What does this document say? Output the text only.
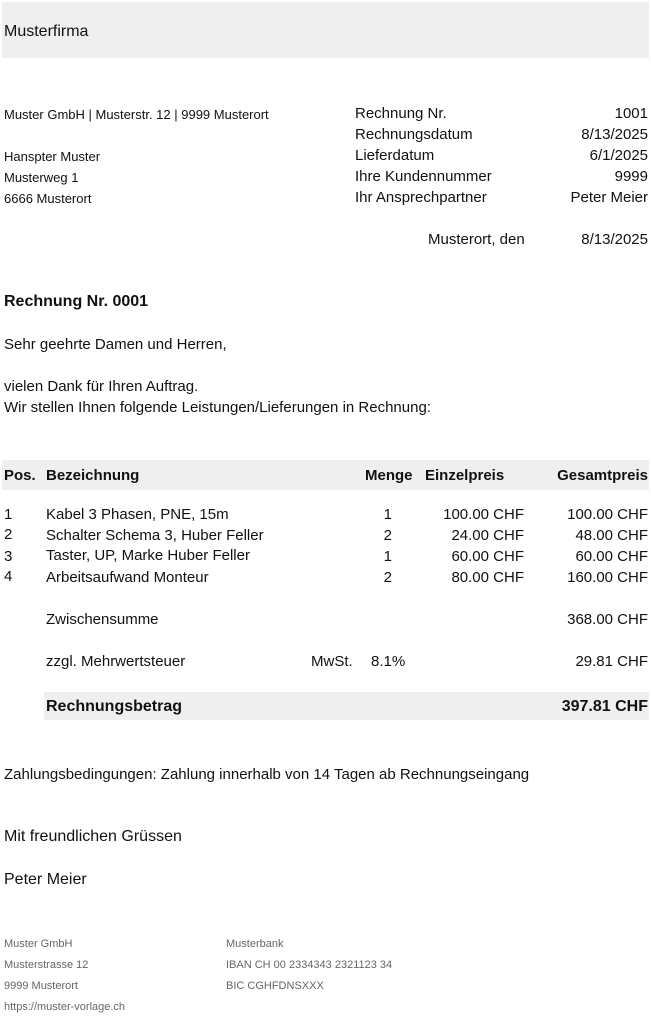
Musterfirma
Muster GmbH | Musterstr. 12 | 9999 Musterort
Hanspter Muster
Musterweg 1
6666 Musterort
Rechnung Nr.	1001
Rechnungsdatum	8/13/2025
Lieferdatum	6/1/2025
Ihre Kundennummer	9999
Ihr Ansprechpartner	Peter Meier
Musterort, den	8/13/2025
Rechnung Nr. 0001
Sehr geehrte Damen und Herren,
vielen Dank für Ihren Auftrag.
Wir stellen Ihnen folgende Leistungen/Lieferungen in Rechnung:
Pos. Bezeichnung	Menge Einzelpreis	Gesamtpreis
1 Kabel 3 Phasen, PNE, 15m	1	100.00 CHF	100.00 CHF
2 Schalter Schema 3, Huber Feller	2	24.00 CHF	48.00 CHF
3 Taster, UP, Marke Huber Feller	1	60.00 CHF	60.00 CHF
4 Arbeitsaufwand Monteur	2	80.00 CHF	160.00 CHF
Zwischensumme	368.00 CHF
zzgl. Mehrwertsteuer	MwSt. 8.1%	29.81 CHF
Rechnungsbetrag	397.81 CHF
Zahlungsbedingungen: Zahlung innerhalb von 14 Tagen ab Rechnungseingang
Mit freundlichen Grüssen
Peter Meier
Muster GmbH
Musterstrasse 12
9999 Musterort
https://muster-vorlage.ch
Musterbank
IBAN CH 00 2334343 2321123 34
BIC CGHFDNSXXX
